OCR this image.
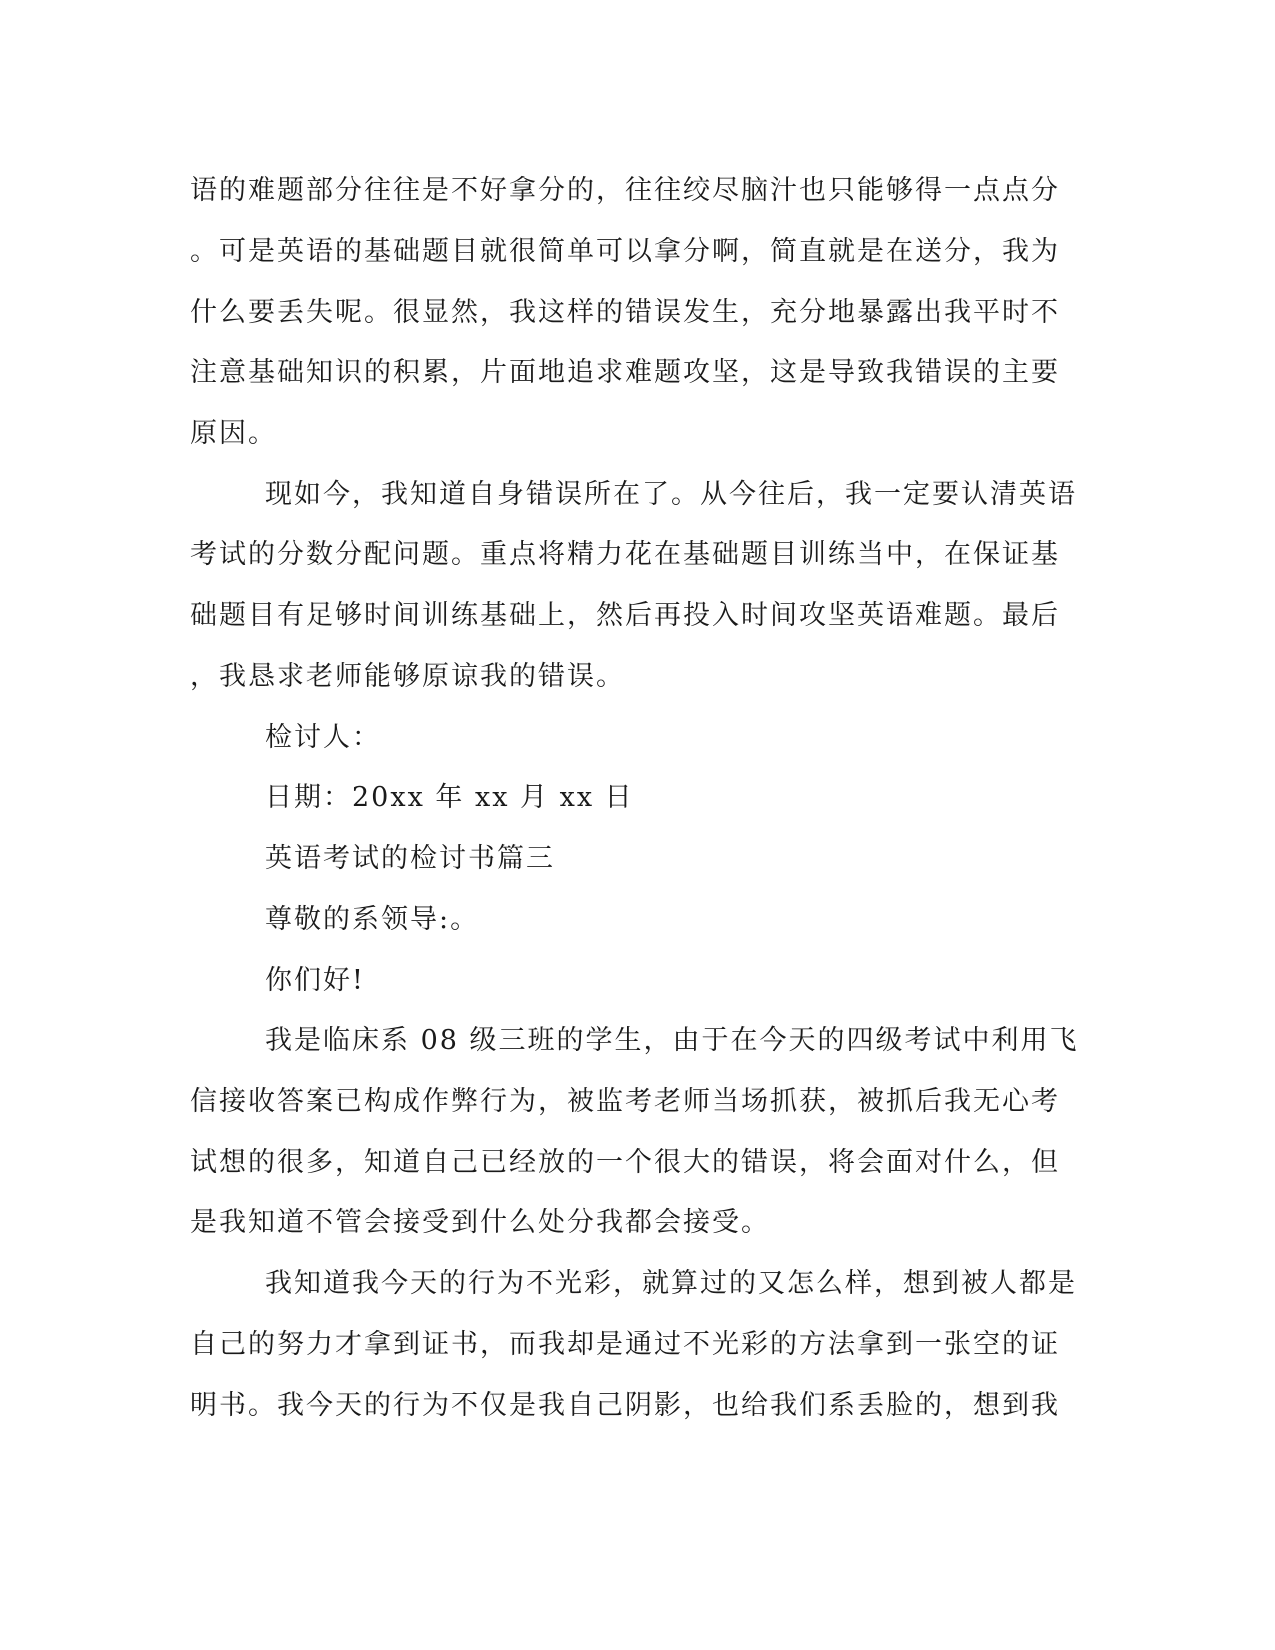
语的难题部分往往是不好拿分的，往往绞尽脑汁也只能够得一点点分
。可是英语的基础题目就很简单可以拿分啊，简直就是在送分，我为
什么要丢失呢。很显然，我这样的错误发生，充分地暴露出我平时不
注意基础知识的积累，片面地追求难题攻坚，这是导致我错误的主要
原因。
现如今，我知道自身错误所在了。从今往后，我一定要认清英语
考试的分数分配问题。重点将精力花在基础题目训练当中，在保证基
础题目有足够时间训练基础上，然后再投入时间攻坚英语难题。最后
，我恳求老师能够原谅我的错误。
检讨人：
日期：20xx 年 xx 月 xx 日
英语考试的检讨书篇三
尊敬的系领导:。
你们好!
我是临床系 08 级三班的学生，由于在今天的四级考试中利用飞
信接收答案已构成作弊行为，被监考老师当场抓获，被抓后我无心考
试想的很多，知道自己已经放的一个很大的错误，将会面对什么，但
是我知道不管会接受到什么处分我都会接受。
我知道我今天的行为不光彩，就算过的又怎么样，想到被人都是
自己的努力才拿到证书，而我却是通过不光彩的方法拿到一张空的证
明书。我今天的行为不仅是我自己阴影，也给我们系丢脸的，想到我
